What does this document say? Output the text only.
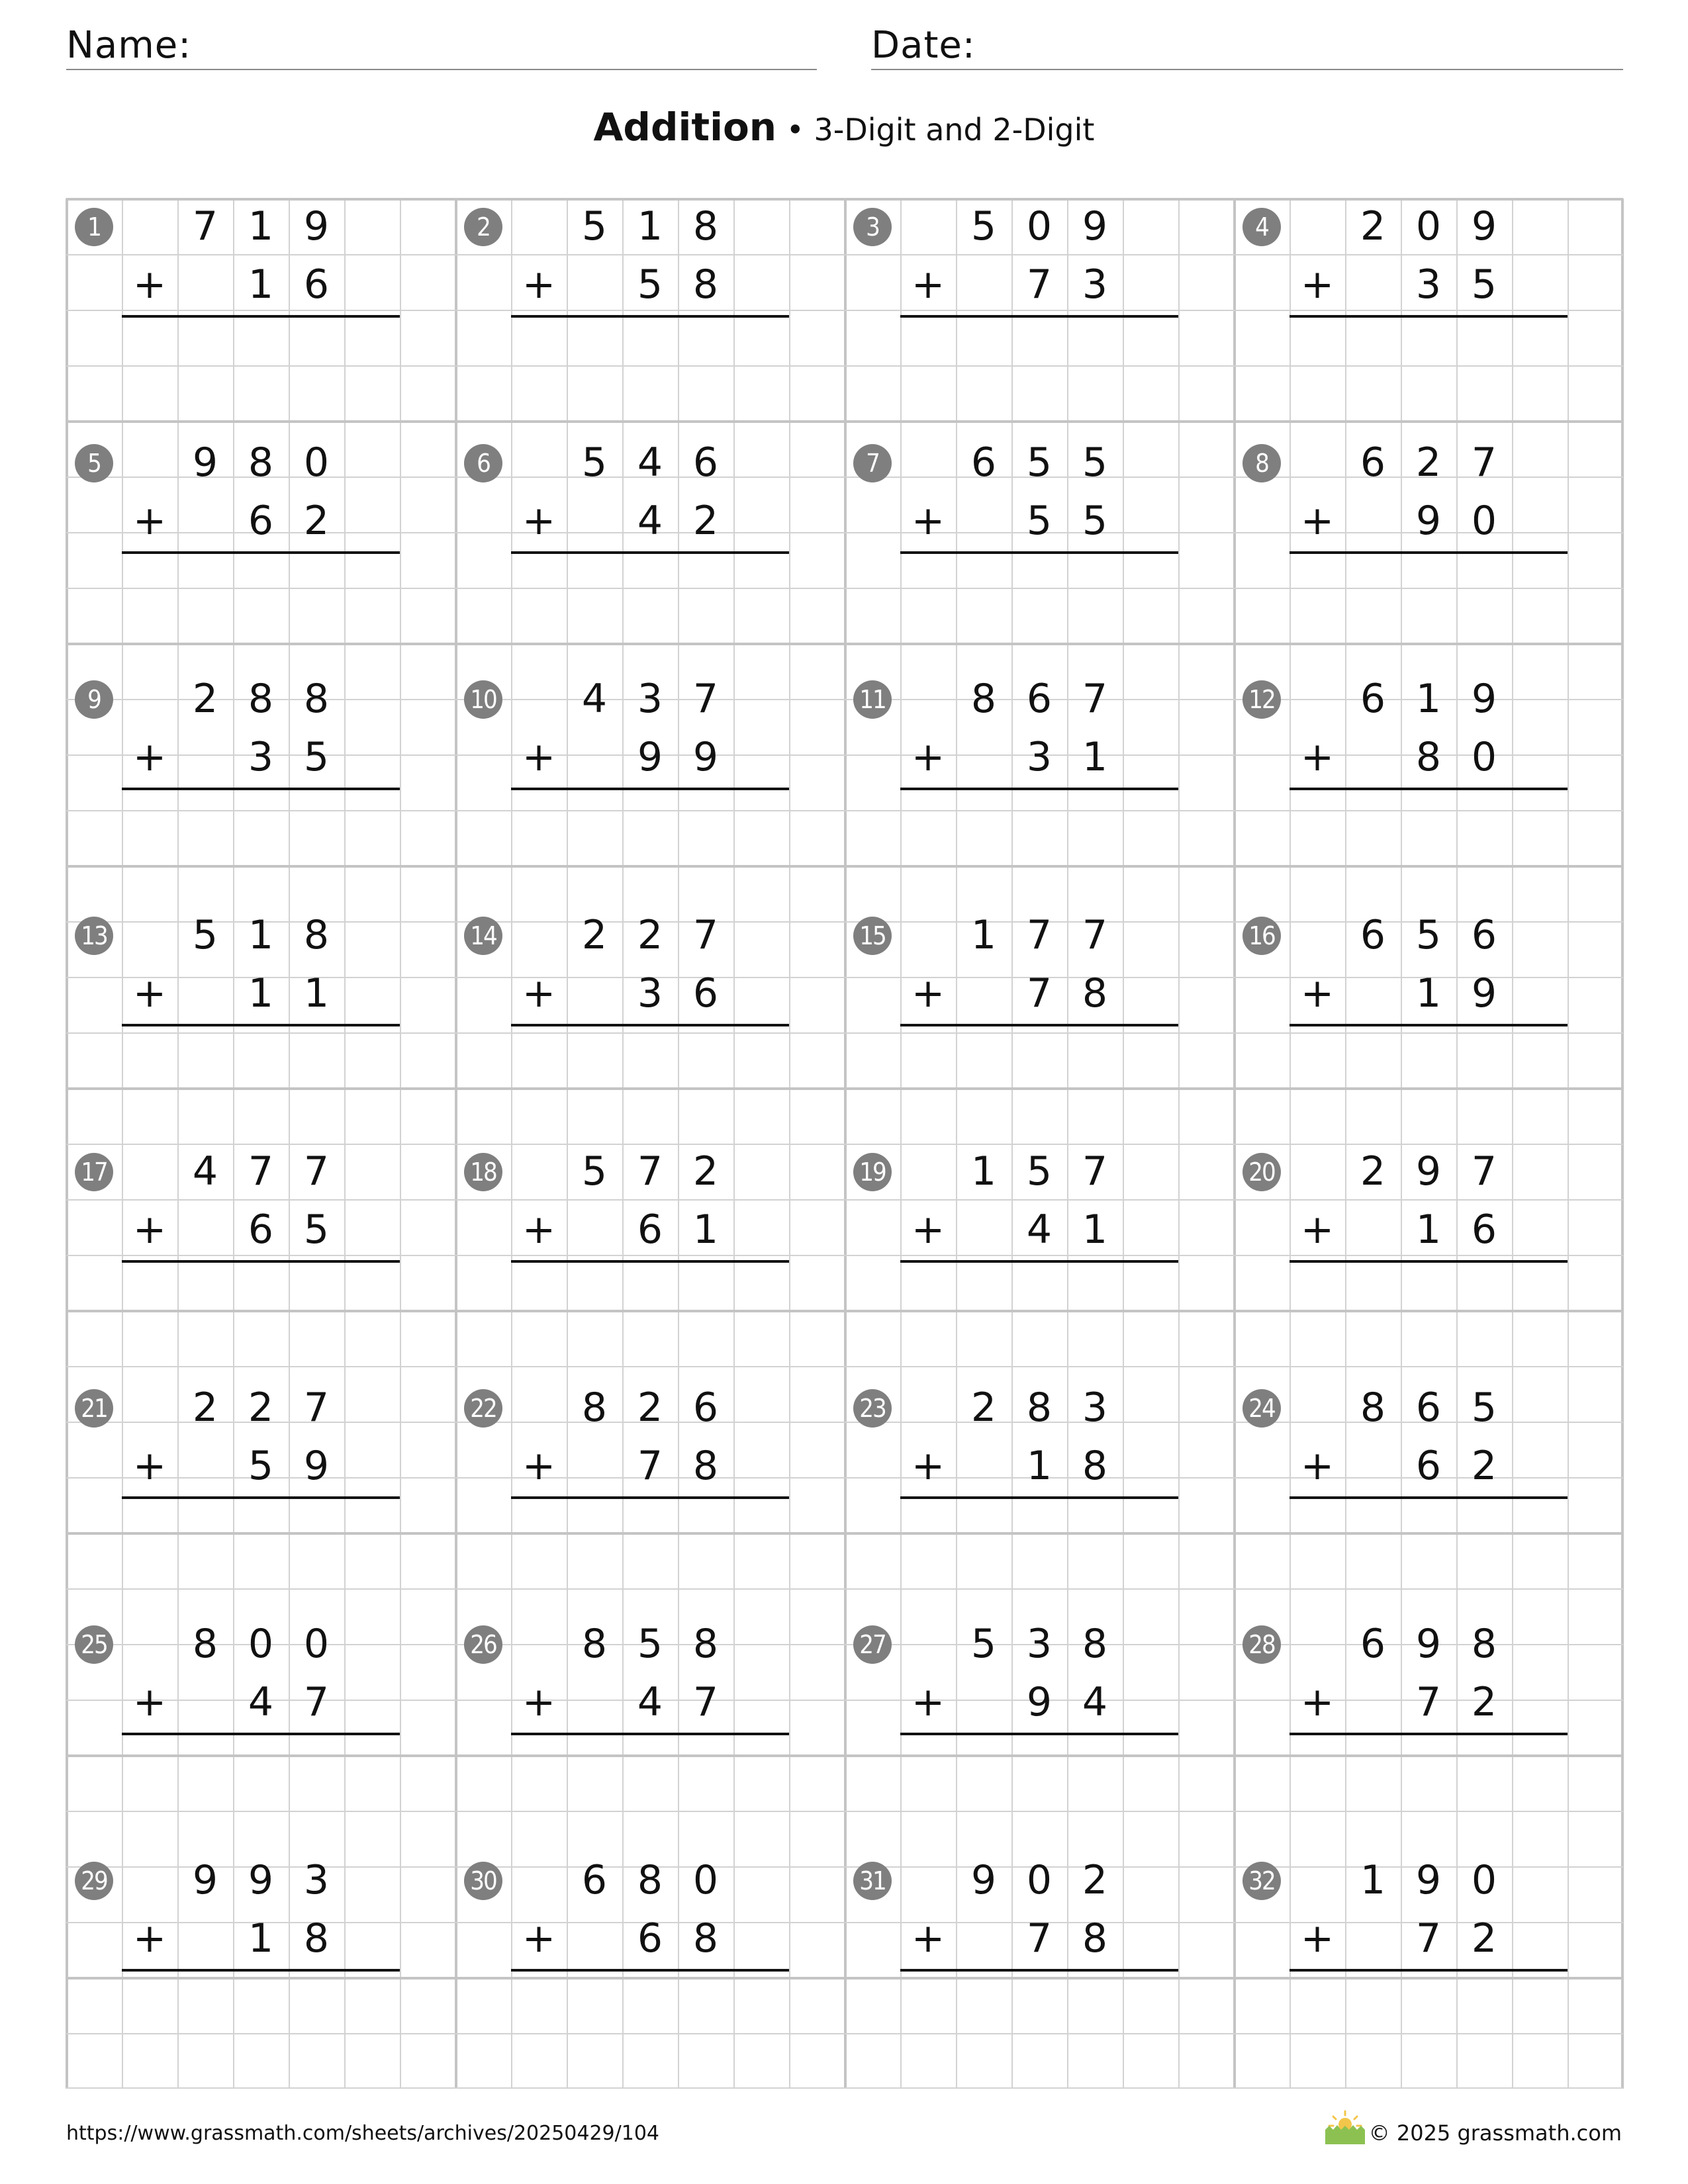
Name:	Date:
Addition • 3-Digit and 2-Digit
1	7 1 9
+	1 6
2	5 1 8
+	5 8
3	5 0 9
+	7 3
4	2 0 9
+	3 5
5	9 8 0
+	6 2
6	5 4 6
+	4 2
7	6 5 5
+	5 5
8	6 2 7
+	9 0
9	2 8 8
+	3 5
10	4 3 7
+	9 9
11	8 6 7
+	3 1
12	6 1 9
+	8 0
13	5 1 8
+	1 1
14	2 2 7
+	3 6
15	1 7 7
+	7 8
16	6 5 6
+	1 9
17	4 7 7
+	6 5
18	5 7 2
+	6 1
19	1 5 7
+	4 1
20	2 9 7
+	1 6
21	2 2 7
+	5 9
22	8 2 6
+	7 8
23	2 8 3
+	1 8
24	8 6 5
+	6 2
25	8 0 0
+	4 7
26	8 5 8
+	4 7
27	5 3 8
+	9 4
28	6 9 8
+	7 2
29	9 9 3
+	1 8
30	6 8 0
+	6 8
31	9 0 2
+	7 8
32	1 9 0
+	7 2
https://www.grassmath.com/sheets/archives/20250429/104	© 2025 grassmath.com
